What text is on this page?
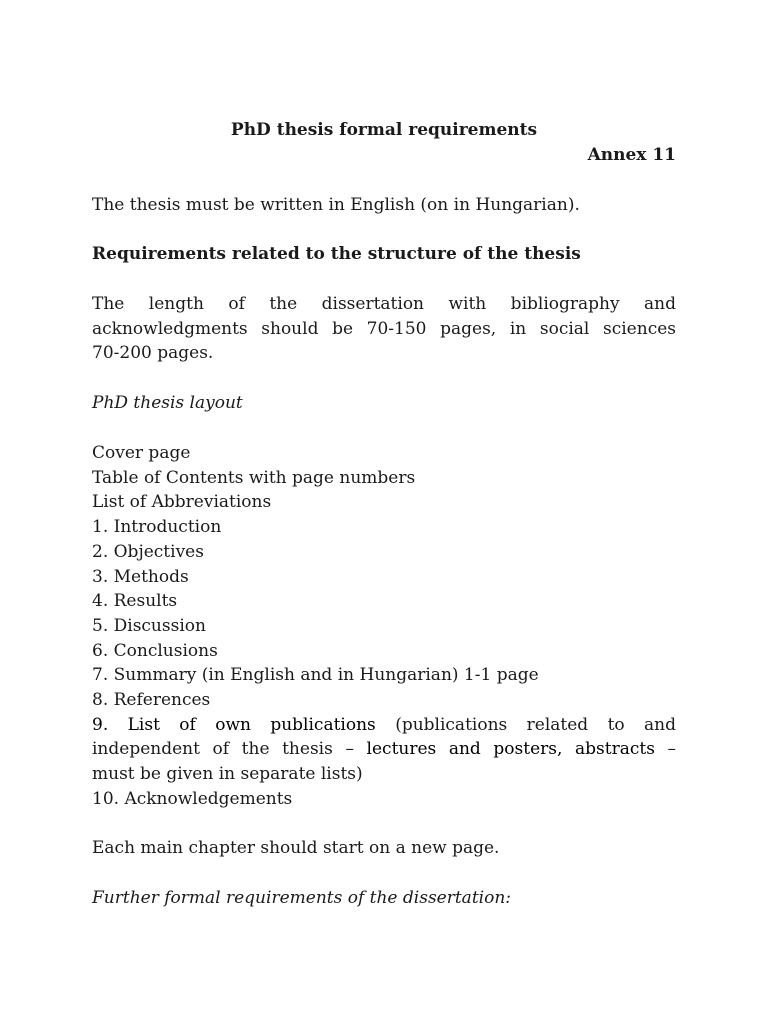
PhD thesis formal requirements
Annex 11
The thesis must be written in English (on in Hungarian).
Requirements related to the structure of the thesis
The length of the dissertation with bibliography and
acknowledgments should be 70-150 pages, in social sciences
70-200 pages.
PhD thesis layout
Cover page
Table of Contents with page numbers
List of Abbreviations
1. Introduction
2. Objectives
3. Methods
4. Results
5. Discussion
6. Conclusions
7. Summary (in English and in Hungarian) 1-1 page
8. References
9. List of own publications (publications related to and
independent of the thesis – lectures and posters, abstracts –
must be given in separate lists)
10. Acknowledgements
Each main chapter should start on a new page.
Further formal requirements of the dissertation:
